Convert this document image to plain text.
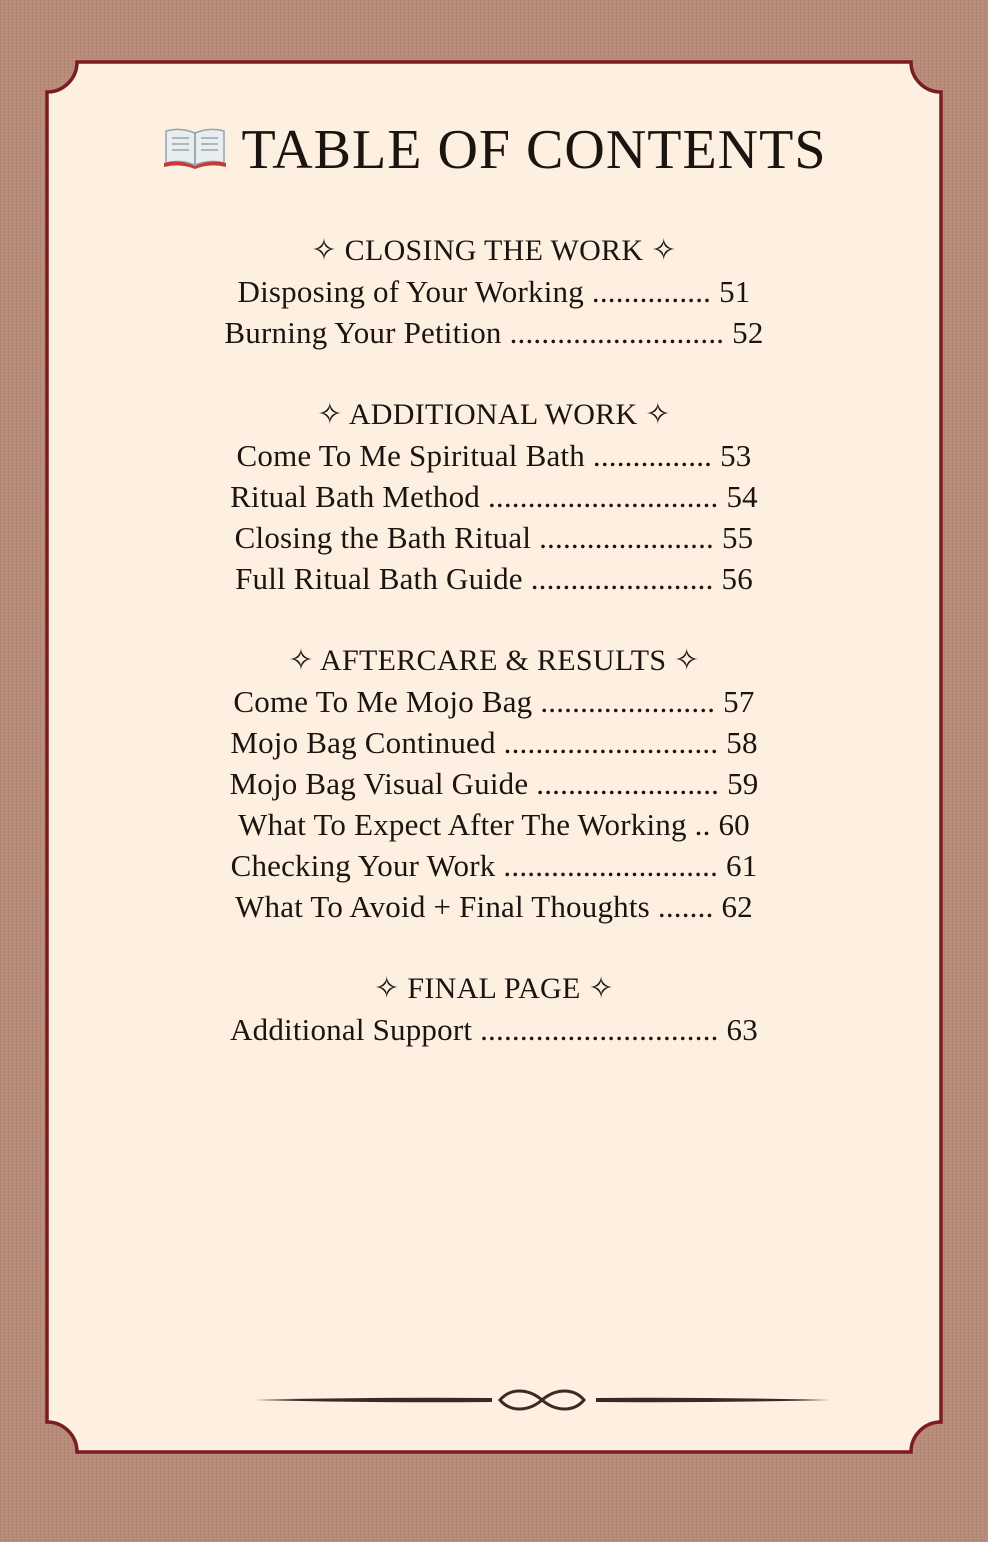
TABLE OF CONTENTS
✧ CLOSING THE WORK ✧
Disposing of Your Working ............... 51
Burning Your Petition ........................... 52
✧ ADDITIONAL WORK ✧
Come To Me Spiritual Bath ............... 53
Ritual Bath Method ............................. 54
Closing the Bath Ritual ...................... 55
Full Ritual Bath Guide ....................... 56
✧ AFTERCARE & RESULTS ✧
Come To Me Mojo Bag ...................... 57
Mojo Bag Continued ........................... 58
Mojo Bag Visual Guide ....................... 59
What To Expect After The Working .. 60
Checking Your Work ........................... 61
What To Avoid + Final Thoughts ....... 62
✧ FINAL PAGE ✧
Additional Support .............................. 63
